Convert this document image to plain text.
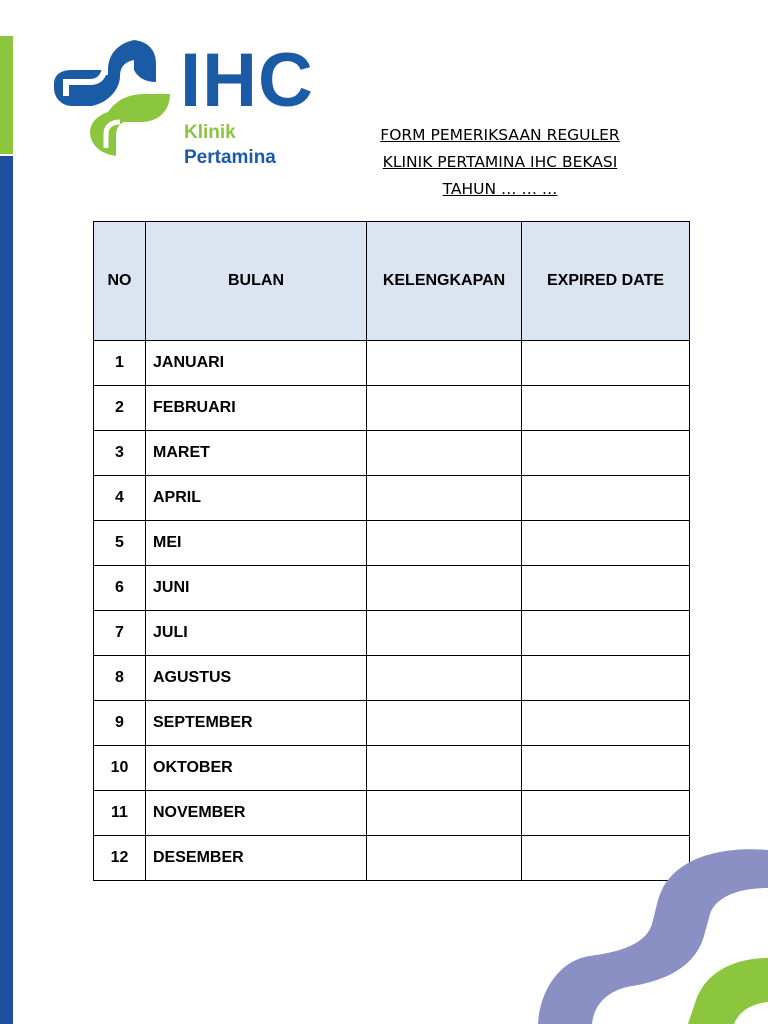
IHC
Klinik
Pertamina
FORM PEMERIKSAAN REGULER
KLINIK PERTAMINA IHC BEKASI
TAHUN … … …
NO	BULAN	KELENGKAPAN	EXPIRED DATE
1	JANUARI		
2	FEBRUARI		
3	MARET		
4	APRIL		
5	MEI		
6	JUNI		
7	JULI		
8	AGUSTUS		
9	SEPTEMBER		
10	OKTOBER		
11	NOVEMBER		
12	DESEMBER		
